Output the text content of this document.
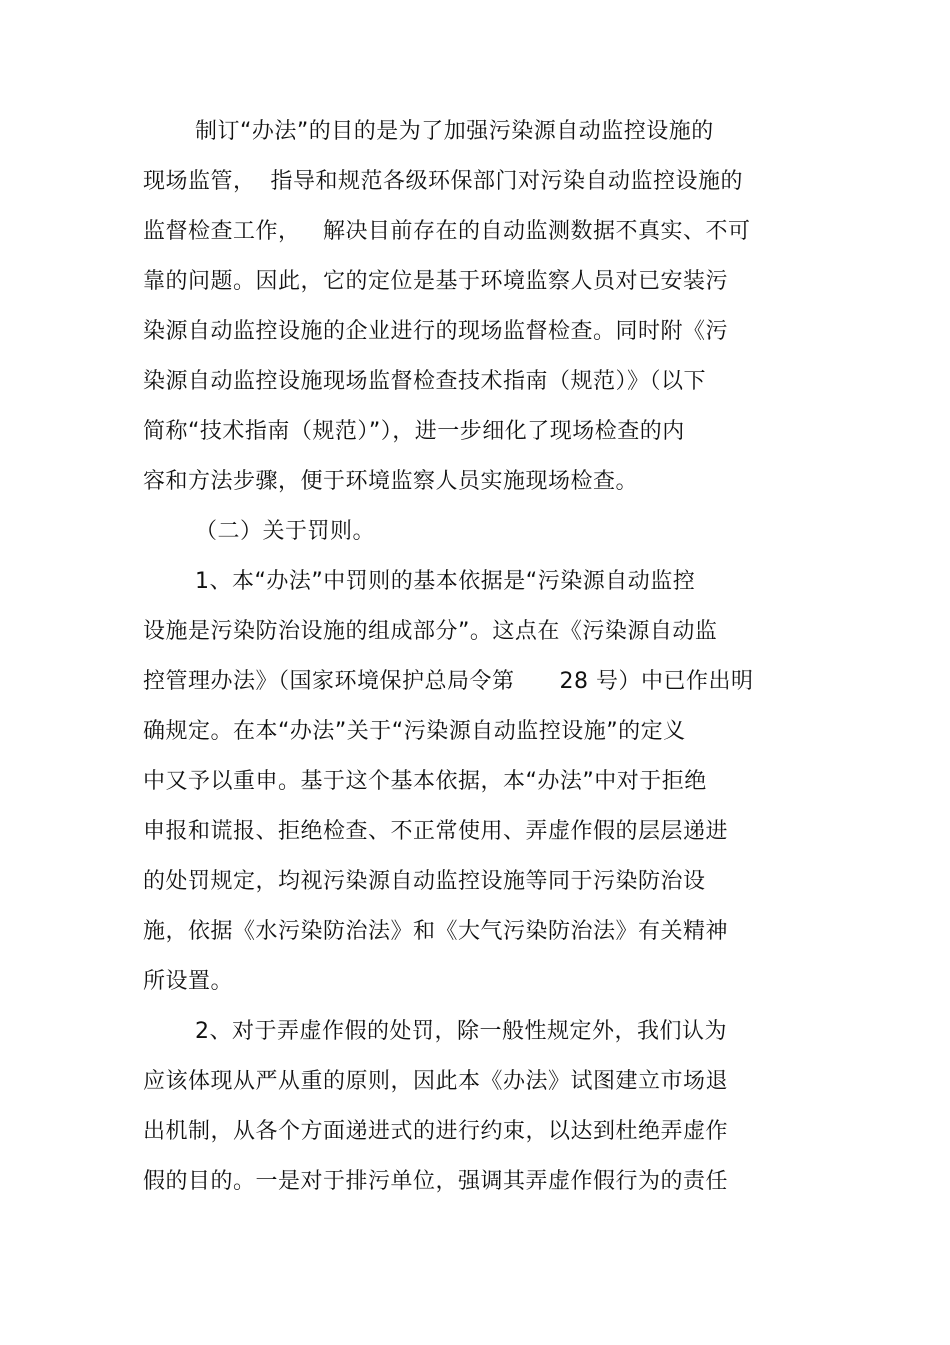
制订“办法”的目的是为了加强污染源自动监控设施的
现场监管，  指导和规范各级环保部门对污染自动监控设施的
监督检查工作，   解决目前存在的自动监测数据不真实、不可
靠的问题。因此，它的定位是基于环境监察人员对已安装污
染源自动监控设施的企业进行的现场监督检查。同时附《污
染源自动监控设施现场监督检查技术指南（规范）》（以下
简称“技术指南（规范）”），进一步细化了现场检查的内
容和方法步骤，便于环境监察人员实施现场检查。
（二）关于罚则。
1、本“办法”中罚则的基本依据是“污染源自动监控
设施是污染防治设施的组成部分”。这点在《污染源自动监
控管理办法》（国家环境保护总局令第      28 号）中已作出明
确规定。在本“办法”关于“污染源自动监控设施”的定义
中又予以重申。基于这个基本依据，本“办法”中对于拒绝
申报和谎报、拒绝检查、不正常使用、弄虚作假的层层递进
的处罚规定，均视污染源自动监控设施等同于污染防治设
施，依据《水污染防治法》和《大气污染防治法》有关精神
所设置。
2、对于弄虚作假的处罚，除一般性规定外，我们认为
应该体现从严从重的原则，因此本《办法》试图建立市场退
出机制，从各个方面递进式的进行约束，以达到杜绝弄虚作
假的目的。一是对于排污单位，强调其弄虚作假行为的责任
